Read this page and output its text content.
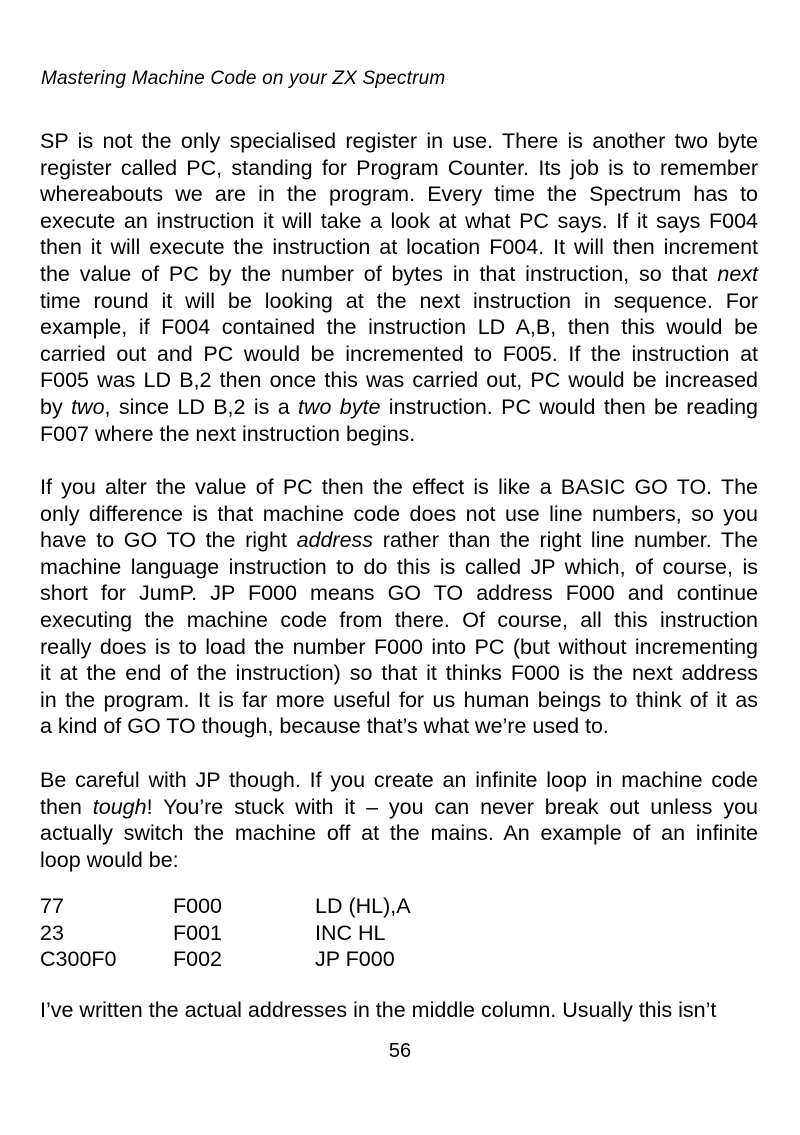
Mastering Machine Code on your ZX Spectrum
SP is not the only specialised register in use. There is another two byte
register called PC, standing for Program Counter. Its job is to remember
whereabouts we are in the program. Every time the Spectrum has to
execute an instruction it will take a look at what PC says. If it says F004
then it will execute the instruction at location F004. It will then increment
the value of PC by the number of bytes in that instruction, so that next
time round it will be looking at the next instruction in sequence. For
example, if F004 contained the instruction LD A,B, then this would be
carried out and PC would be incremented to F005. If the instruction at
F005 was LD B,2 then once this was carried out, PC would be increased
by two, since LD B,2 is a two byte instruction. PC would then be reading
F007 where the next instruction begins.
If you alter the value of PC then the effect is like a BASIC GO TO. The
only difference is that machine code does not use line numbers, so you
have to GO TO the right address rather than the right line number. The
machine language instruction to do this is called JP which, of course, is
short for JumP. JP F000 means GO TO address F000 and continue
executing the machine code from there. Of course, all this instruction
really does is to load the number F000 into PC (but without incrementing
it at the end of the instruction) so that it thinks F000 is the next address
in the program. It is far more useful for us human beings to think of it as
a kind of GO TO though, because that’s what we’re used to.
Be careful with JP though. If you create an infinite loop in machine code
then tough! You’re stuck with it – you can never break out unless you
actually switch the machine off at the mains. An example of an infinite
loop would be:
77	F000	LD (HL),A
23	F001	INC HL
C300F0	F002	JP F000
I’ve written the actual addresses in the middle column. Usually this isn’t
56
